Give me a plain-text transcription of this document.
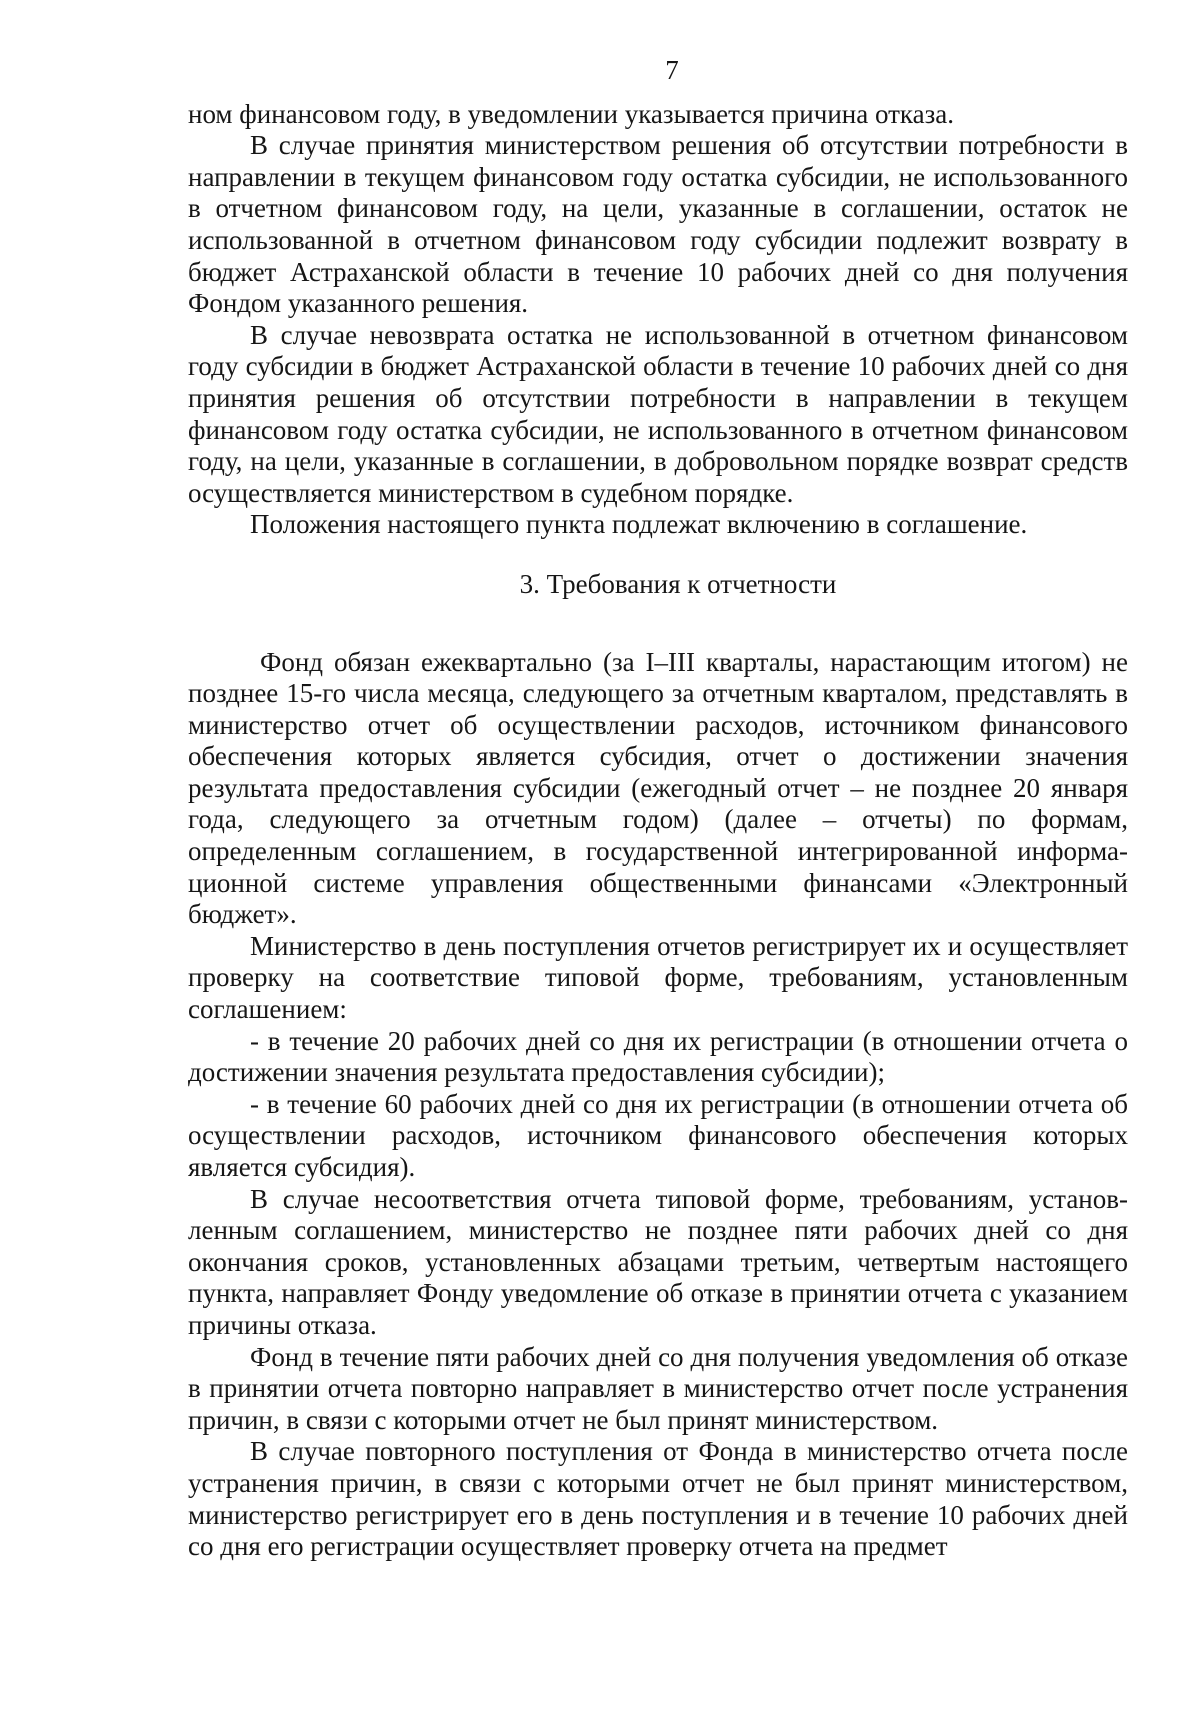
7

ном финансовом году, в уведомлении указывается причина отказа.

В случае принятия министерством решения об отсутствии потребности в направлении в текущем финансовом году остатка субсидии, не использованного в отчетном финансовом году, на цели, указанные в соглашении, остаток не использованной в отчетном финансовом году субсидии подлежит возврату в бюджет Астраханской области в течение 10 рабочих дней со дня получения Фондом указанного решения.

В случае невозврата остатка не использованной в отчетном финансовом году субсидии в бюджет Астраханской области в течение 10 рабочих дней со дня принятия решения об отсутствии потребности в направлении в текущем финансовом году остатка субсидии, не использованного в отчетном финансовом году, на цели, указанные в соглашении, в добровольном порядке возврат средств осуществляется министерством в судебном порядке.

Положения настоящего пункта подлежат включению в соглашение.

3. Требования к отчетности

Фонд обязан ежеквартально (за I–III кварталы, нарастающим итогом) не позднее 15-го числа месяца, следующего за отчетным кварталом, представлять в министерство отчет об осуществлении расходов, источником финансового обеспечения которых является субсидия, отчет о достижении значения результата предоставления субсидии (ежегодный отчет – не позднее 20 января года, следующего за отчетным годом) (далее – отчеты) по формам, определенным соглашением, в государственной интегрированной информационной системе управления общественными финансами «Электронный бюджет».

Министерство в день поступления отчетов регистрирует их и осуществляет проверку на соответствие типовой форме, требованиям, установленным соглашением:

- в течение 20 рабочих дней со дня их регистрации (в отношении отчета о достижении значения результата предоставления субсидии);

- в течение 60 рабочих дней со дня их регистрации (в отношении отчета об осуществлении расходов, источником финансового обеспечения которых является субсидия).

В случае несоответствия отчета типовой форме, требованиям, установленным соглашением, министерство не позднее пяти рабочих дней со дня окончания сроков, установленных абзацами третьим, четвертым настоящего пункта, направляет Фонду уведомление об отказе в принятии отчета с указанием причины отказа.

Фонд в течение пяти рабочих дней со дня получения уведомления об отказе в принятии отчета повторно направляет в министерство отчет после устранения причин, в связи с которыми отчет не был принят министерством.

В случае повторного поступления от Фонда в министерство отчета после устранения причин, в связи с которыми отчет не был принят министерством, министерство регистрирует его в день поступления и в течение 10 рабочих дней со дня его регистрации осуществляет проверку отчета на предмет
